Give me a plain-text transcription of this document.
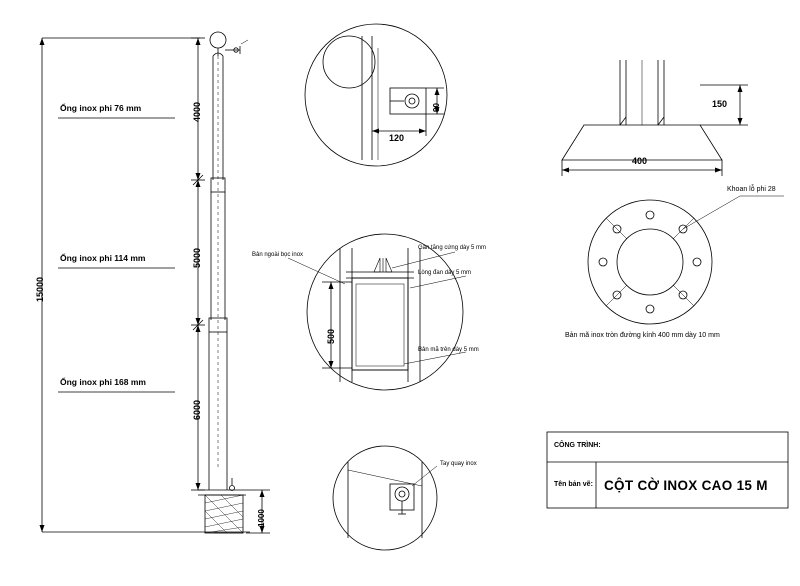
15000
4000
5000
6000
1000
Ống inox phi 76 mm
Ống inox phi 114 mm
Ống inox phi 168 mm
120
90
500
Bản ngoài bọc inox
Gân tăng cứng dày 5 mm
Lòng đan dày 5 mm
Bản mã trên dày 5 mm
Tay quay inox
400
150
Khoan lỗ phi 28
Bản mã inox tròn đường kính 400 mm dày 10 mm
CÔNG TRÌNH:
Tên bản vẽ: CỘT CỜ INOX CAO 15 M
